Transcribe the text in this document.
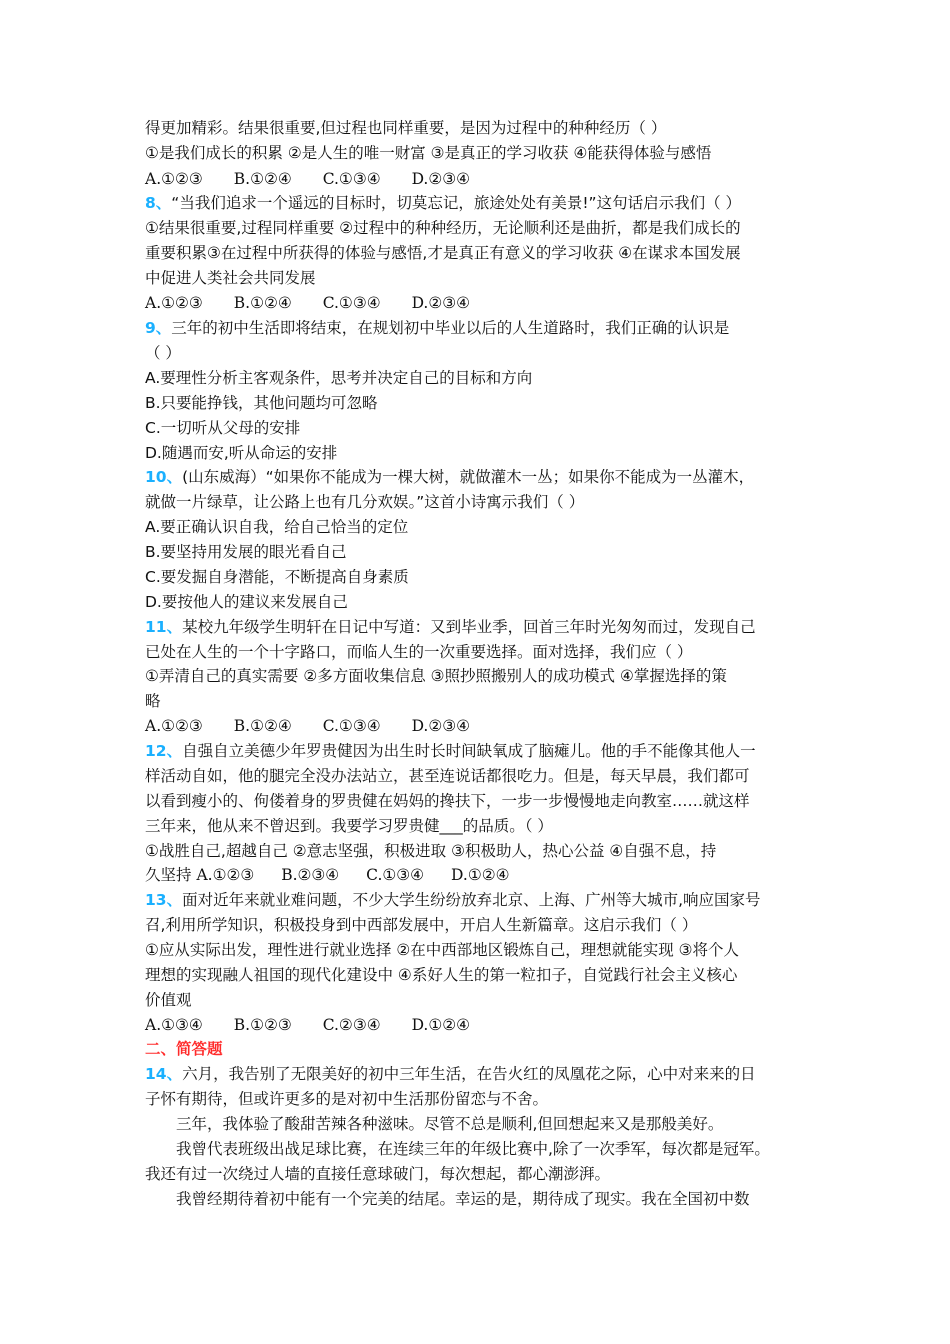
得更加精彩。结果很重要,但过程也同样重要，是因为过程中的种种经历（ ）
①是我们成长的积累 ②是人生的唯一财富 ③是真正的学习收获 ④能获得体验与感悟
A.①②③ B.①②④ C.①③④ D.②③④
8、“当我们追求一个遥远的目标时，切莫忘记，旅途处处有美景!”这句话启示我们（ ）
①结果很重要,过程同样重要 ②过程中的种种经历，无论顺利还是曲折，都是我们成长的
重要积累③在过程中所获得的体验与感悟,才是真正有意义的学习收获 ④在谋求本国发展
中促进人类社会共同发展
A.①②③ B.①②④ C.①③④ D.②③④
9、三年的初中生活即将结束，在规划初中毕业以后的人生道路时，我们正确的认识是
（ ）
A.要理性分析主客观条件，思考并决定自己的目标和方向
B.只要能挣钱，其他问题均可忽略
C.一切听从父母的安排
D.随遇而安,听从命运的安排
10、(山东威海）“如果你不能成为一棵大树，就做灌木一丛；如果你不能成为一丛灌木，
就做一片绿草，让公路上也有几分欢娱。”这首小诗寓示我们（ ）
A.要正确认识自我，给自己恰当的定位
B.要坚持用发展的眼光看自己
C.要发掘自身潜能，不断提高自身素质
D.要按他人的建议来发展自己
11、某校九年级学生明轩在日记中写道：又到毕业季，回首三年时光匆匆而过，发现自己
已处在人生的一个十字路口，而临人生的一次重要选择。面对选择，我们应（ ）
①弄清自己的真实需要 ②多方面收集信息 ③照抄照搬别人的成功模式 ④掌握选择的策
略
A.①②③ B.①②④ C.①③④ D.②③④
12、自强自立美德少年罗贵健因为出生时长时间缺氧成了脑瘫儿。他的手不能像其他人一
样活动自如，他的腿完全没办法站立，甚至连说话都很吃力。但是，每天早晨，我们都可
以看到瘦小的、佝偻着身的罗贵健在妈妈的搀扶下，一步一步慢慢地走向教室……就这样
三年来，他从来不曾迟到。我要学习罗贵健___的品质。（ ）
①战胜自己,超越自己 ②意志坚强，积极进取 ③积极助人，热心公益 ④自强不息，持
久坚持 A.①②③ B.②③④ C.①③④ D.①②④
13、面对近年来就业难问题，不少大学生纷纷放弃北京、上海、广州等大城市,响应国家号
召,利用所学知识，积极投身到中西部发展中，开启人生新篇章。这启示我们（ ）
①应从实际出发，理性进行就业选择 ②在中西部地区锻炼自己，理想就能实现 ③将个人
理想的实现融人祖国的现代化建设中 ④系好人生的第一粒扣子，自觉践行社会主义核心
价值观
A.①③④ B.①②③ C.②③④ D.①②④
二、简答题
14、六月，我告别了无限美好的初中三年生活，在告火红的凤凰花之际，心中对来来的日
子怀有期待，但或许更多的是对初中生活那份留恋与不舍。
三年，我体验了酸甜苦辣各种滋味。尽管不总是顺利,但回想起来又是那般美好。
我曾代表班级出战足球比赛，在连续三年的年级比赛中,除了一次季军，每次都是冠军。
我还有过一次绕过人墙的直接任意球破门，每次想起，都心潮澎湃。
我曾经期待着初中能有一个完美的结尾。幸运的是，期待成了现实。我在全国初中数
